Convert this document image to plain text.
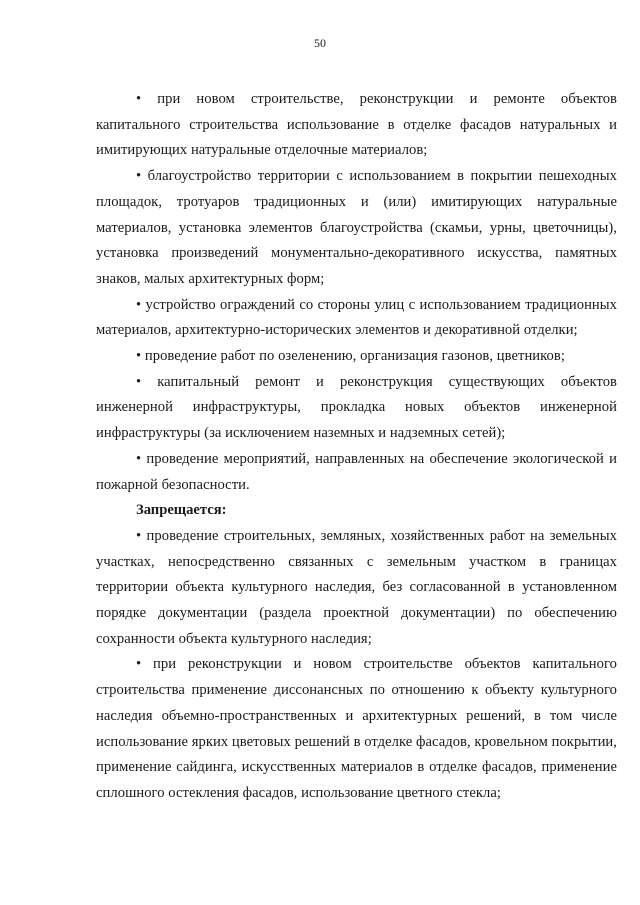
50

• при новом строительстве, реконструкции и ремонте объектов капитального строительства использование в отделке фасадов натуральных и имитирующих натуральные отделочные материалов;

• благоустройство территории с использованием в покрытии пешеходных площадок, тротуаров традиционных и (или) имитирующих натуральные материалов, установка элементов благоустройства (скамьи, урны, цветочницы), установка произведений монументально-декоративного искусства, памятных знаков, малых архитектурных форм;

• устройство ограждений со стороны улиц с использованием традиционных материалов, архитектурно-исторических элементов и декоративной отделки;

• проведение работ по озеленению, организация газонов, цветников;

• капитальный ремонт и реконструкция существующих объектов инженерной инфраструктуры, прокладка новых объектов инженерной инфраструктуры (за исключением наземных и надземных сетей);

• проведение мероприятий, направленных на обеспечение экологической и пожарной безопасности.

Запрещается:

• проведение строительных, земляных, хозяйственных работ на земельных участках, непосредственно связанных с земельным участком в границах территории объекта культурного наследия, без согласованной в установленном порядке документации (раздела проектной документации) по обеспечению сохранности объекта культурного наследия;

• при реконструкции и новом строительстве объектов капитального строительства применение диссонансных по отношению к объекту культурного наследия объемно-пространственных и архитектурных решений, в том числе использование ярких цветовых решений в отделке фасадов, кровельном покрытии, применение сайдинга, искусственных материалов в отделке фасадов, применение сплошного остекления фасадов, использование цветного стекла;
